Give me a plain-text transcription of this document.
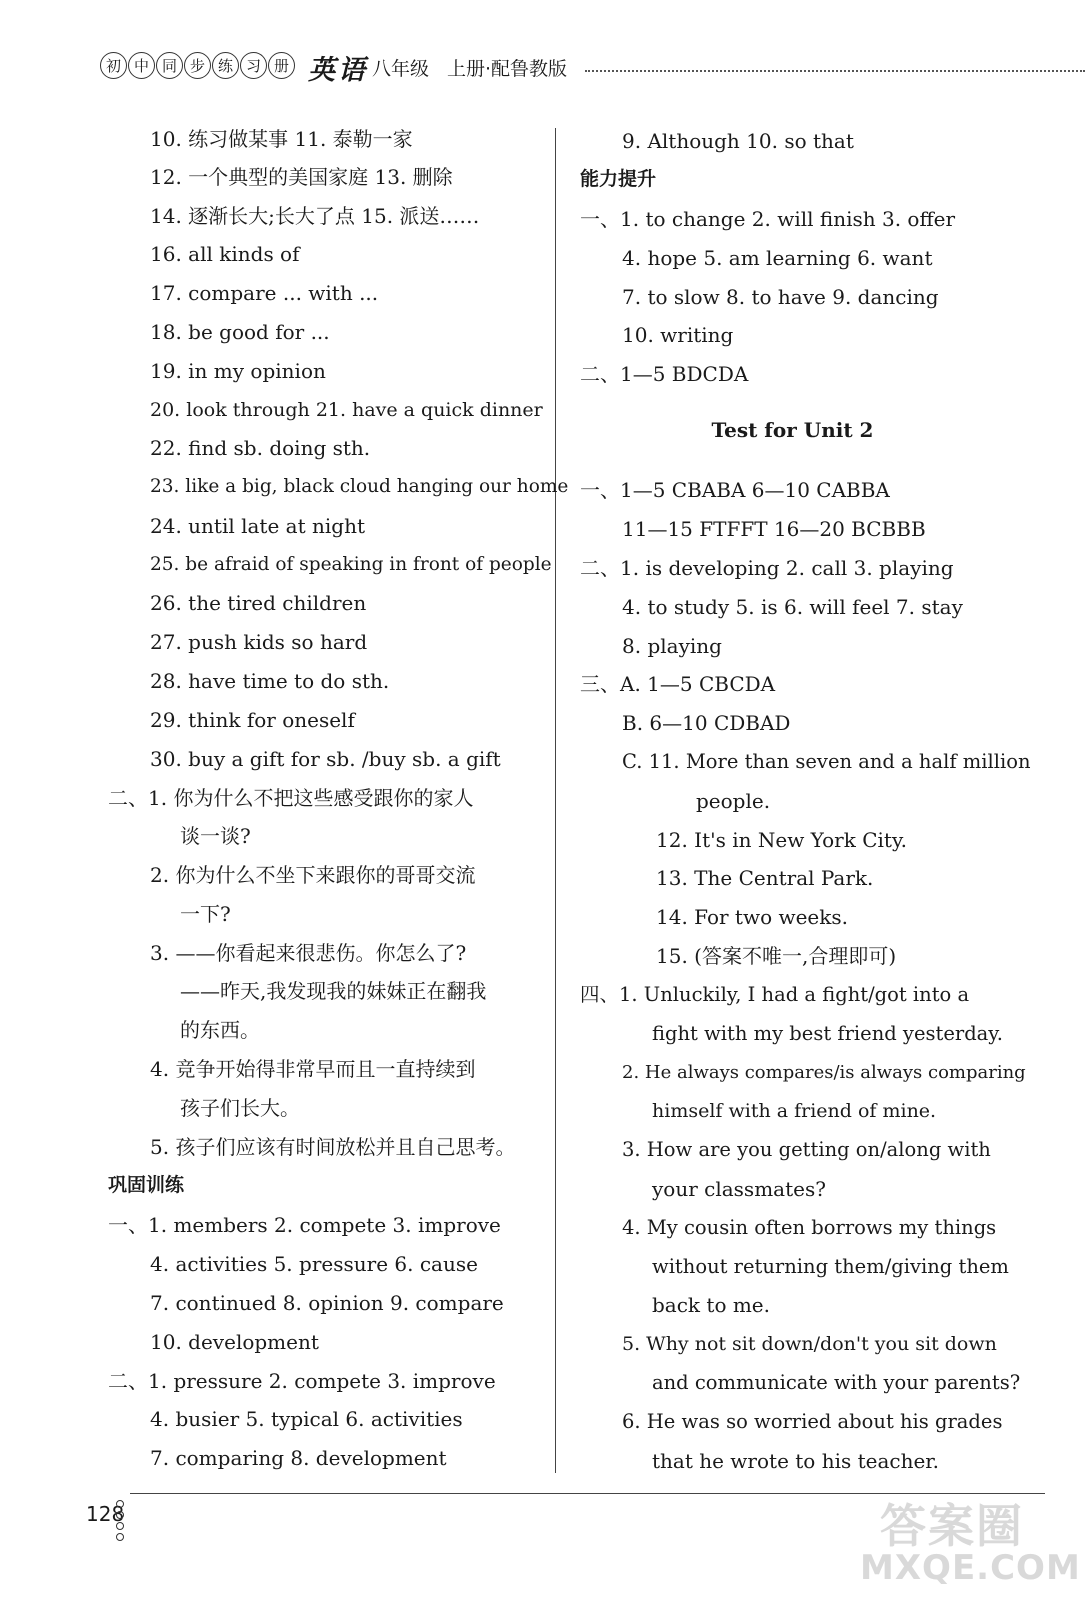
初 中 同 步 练 习 册 英语 八年级 上册·配鲁教版
10. 练习做某事 11. 泰勒一家
12. 一个典型的美国家庭 13. 删除
14. 逐渐长大;长大了点 15. 派送……
16. all kinds of
17. compare ... with ...
18. be good for ...
19. in my opinion
20. look through 21. have a quick dinner
22. find sb. doing sth.
23. like a big, black cloud hanging our home
24. until late at night
25. be afraid of speaking in front of people
26. the tired children
27. push kids so hard
28. have time to do sth.
29. think for oneself
30. buy a gift for sb. /buy sb. a gift
二、1. 你为什么不把这些感受跟你的家人
谈一谈?
2. 你为什么不坐下来跟你的哥哥交流
一下?
3. ——你看起来很悲伤。你怎么了?
——昨天,我发现我的妹妹正在翻我
的东西。
4. 竞争开始得非常早而且一直持续到
孩子们长大。
5. 孩子们应该有时间放松并且自己思考。
巩固训练
一、1. members 2. compete 3. improve
4. activities 5. pressure 6. cause
7. continued 8. opinion 9. compare
10. development
二、1. pressure 2. compete 3. improve
4. busier 5. typical 6. activities
7. comparing 8. development
9. Although 10. so that
能力提升
一、1. to change 2. will finish 3. offer
4. hope 5. am learning 6. want
7. to slow 8. to have 9. dancing
10. writing
二、1—5 BDCDA
Test for Unit 2
一、1—5 CBABA 6—10 CABBA
11—15 FTFFT 16—20 BCBBB
二、1. is developing 2. call 3. playing
4. to study 5. is 6. will feel 7. stay
8. playing
三、A. 1—5 CBCDA
B. 6—10 CDBAD
C. 11. More than seven and a half million
people.
12. It's in New York City.
13. The Central Park.
14. For two weeks.
15. (答案不唯一,合理即可)
四、1. Unluckily, I had a fight/got into a
fight with my best friend yesterday.
2. He always compares/is always comparing
himself with a friend of mine.
3. How are you getting on/along with
your classmates?
4. My cousin often borrows my things
without returning them/giving them
back to me.
5. Why not sit down/don't you sit down
and communicate with your parents?
6. He was so worried about his grades
that he wrote to his teacher.
128	答案圈
MXQE.COM
